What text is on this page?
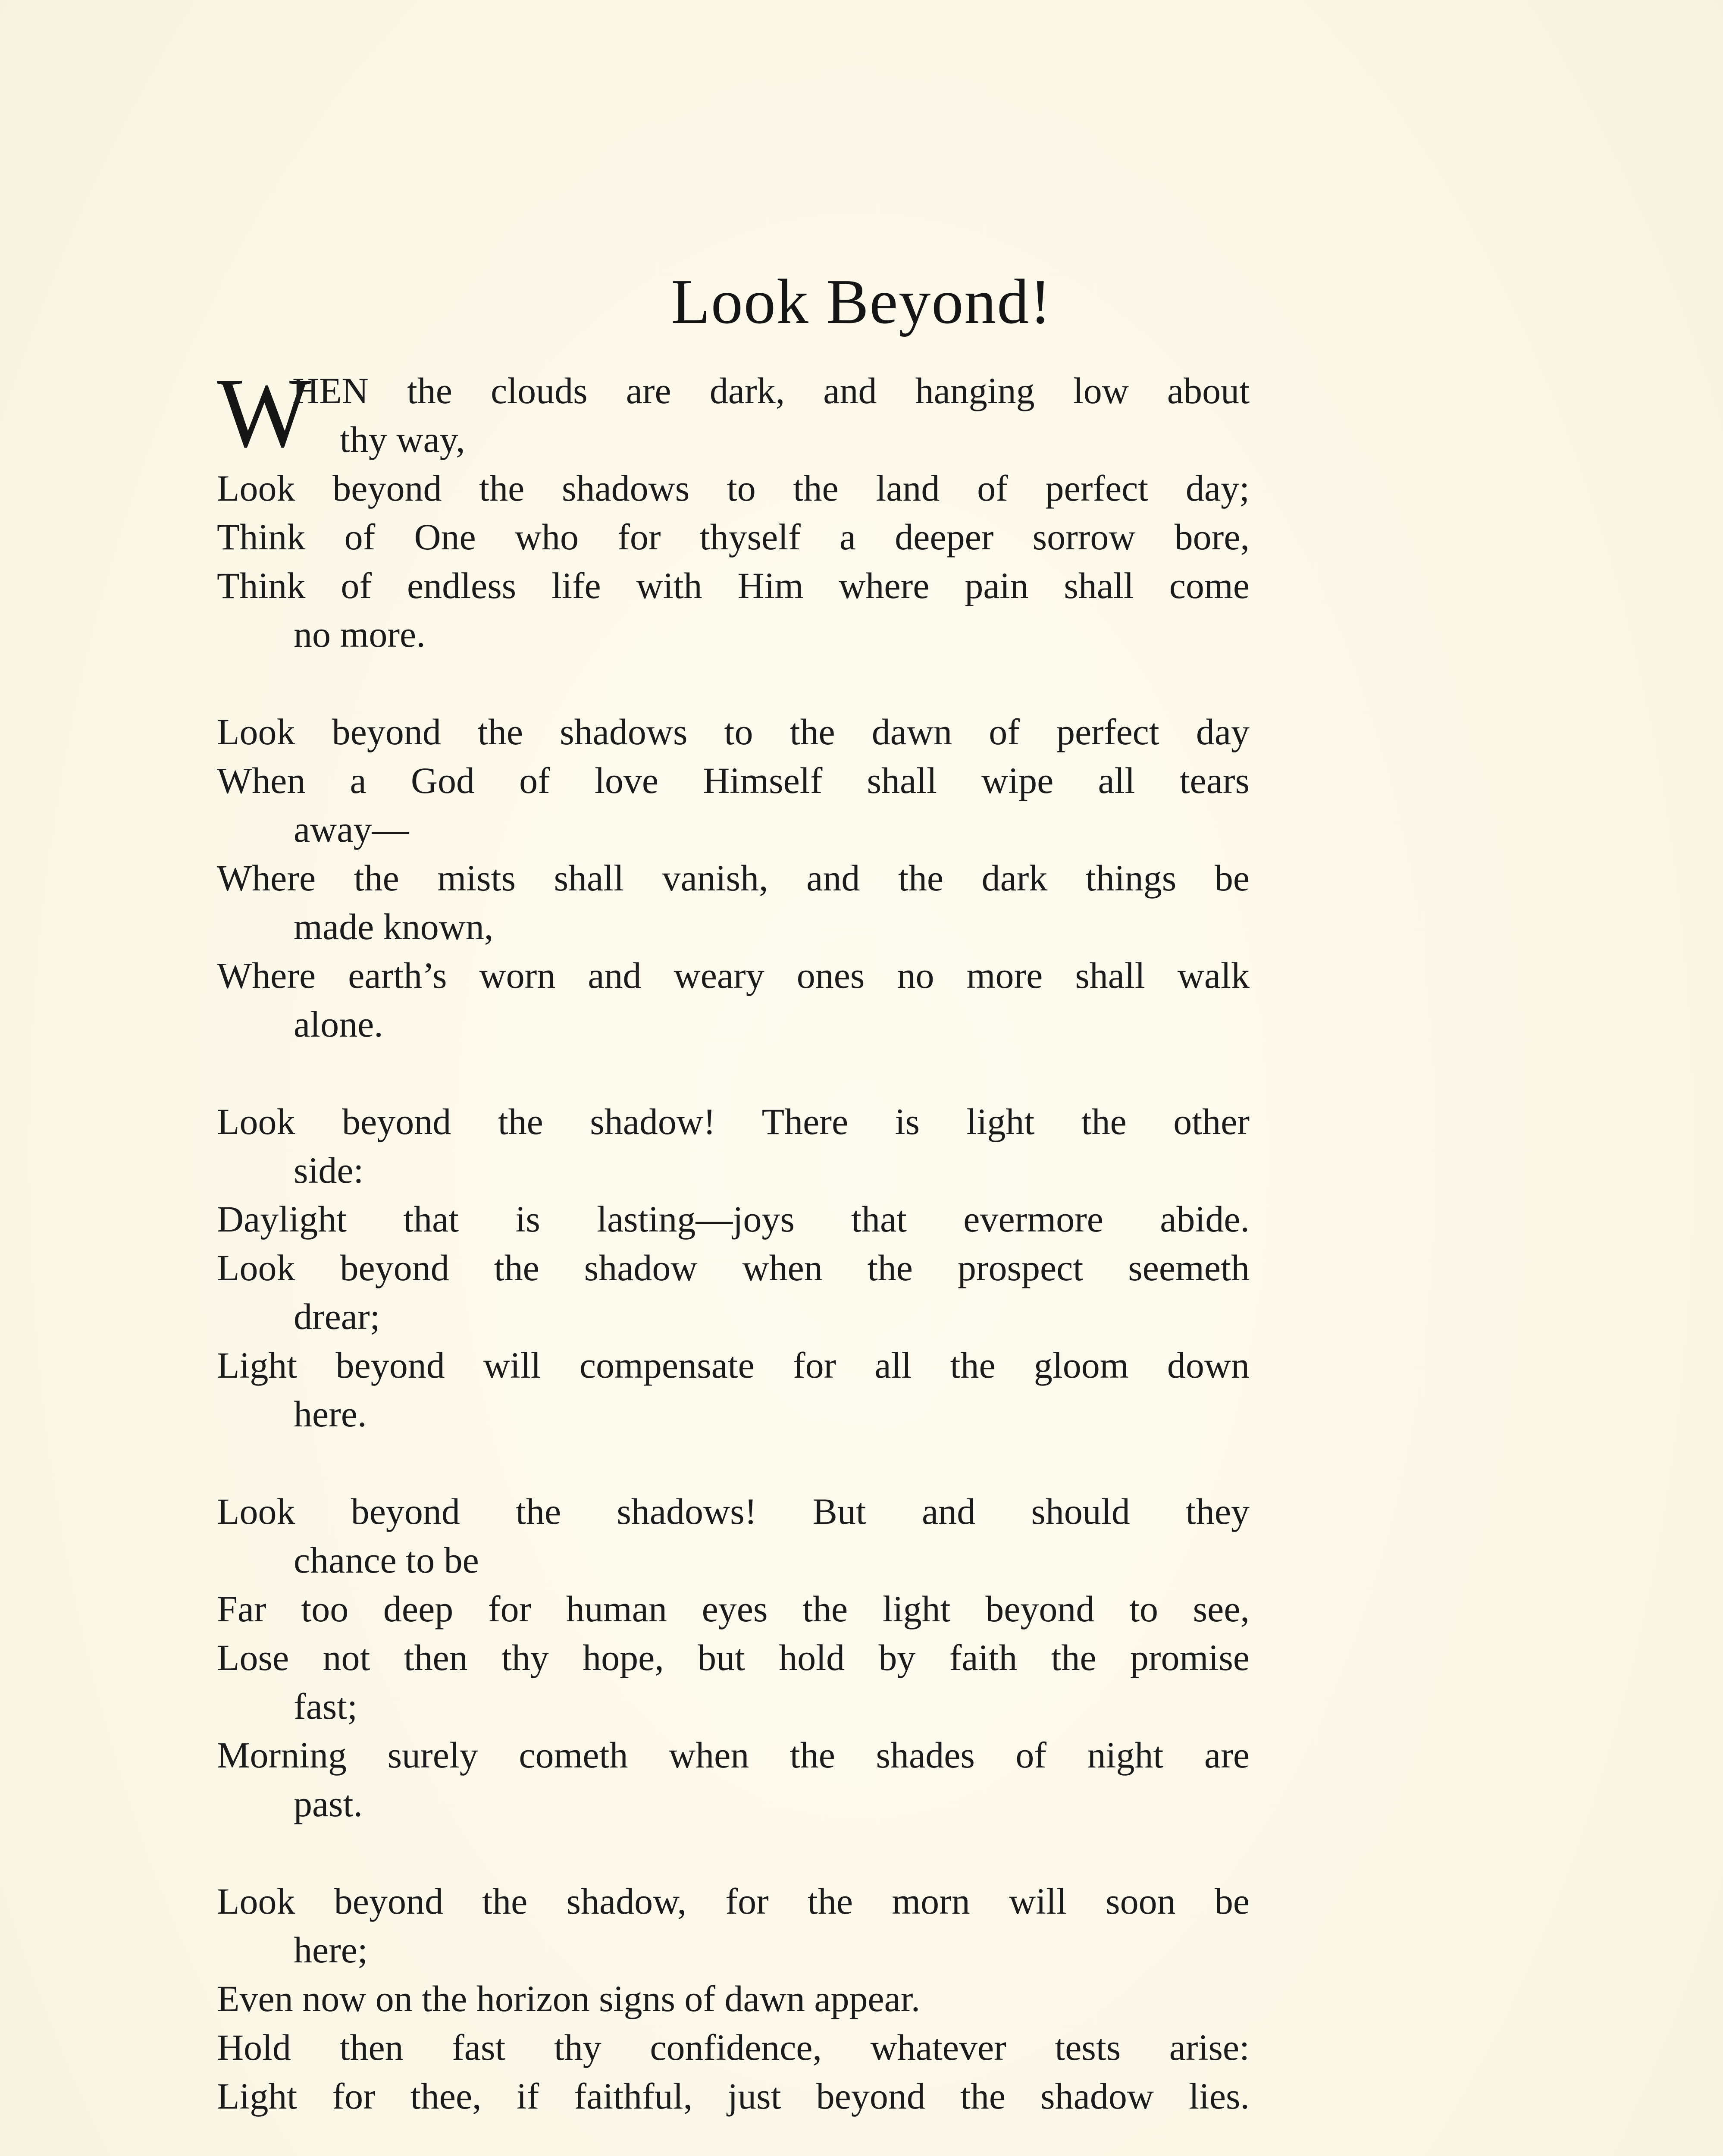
Look Beyond!
W
HEN the clouds are dark, and hanging low about
thy way,
Look beyond the shadows to the land of perfect day;
Think of One who for thyself a deeper sorrow bore,
Think of endless life with Him where pain shall come
no more.
Look beyond the shadows to the dawn of perfect day
When a God of love Himself shall wipe all tears
away—
Where the mists shall vanish, and the dark things be
made known,
Where earth’s worn and weary ones no more shall walk
alone.
Look beyond the shadow! There is light the other
side:
Daylight that is lasting—joys that evermore abide.
Look beyond the shadow when the prospect seemeth
drear;
Light beyond will compensate for all the gloom down
here.
Look beyond the shadows! But and should they
chance to be
Far too deep for human eyes the light beyond to see,
Lose not then thy hope, but hold by faith the promise
fast;
Morning surely cometh when the shades of night are
past.
Look beyond the shadow, for the morn will soon be
here;
Even now on the horizon signs of dawn appear.
Hold then fast thy confidence, whatever tests arise:
Light for thee, if faithful, just beyond the shadow lies.
